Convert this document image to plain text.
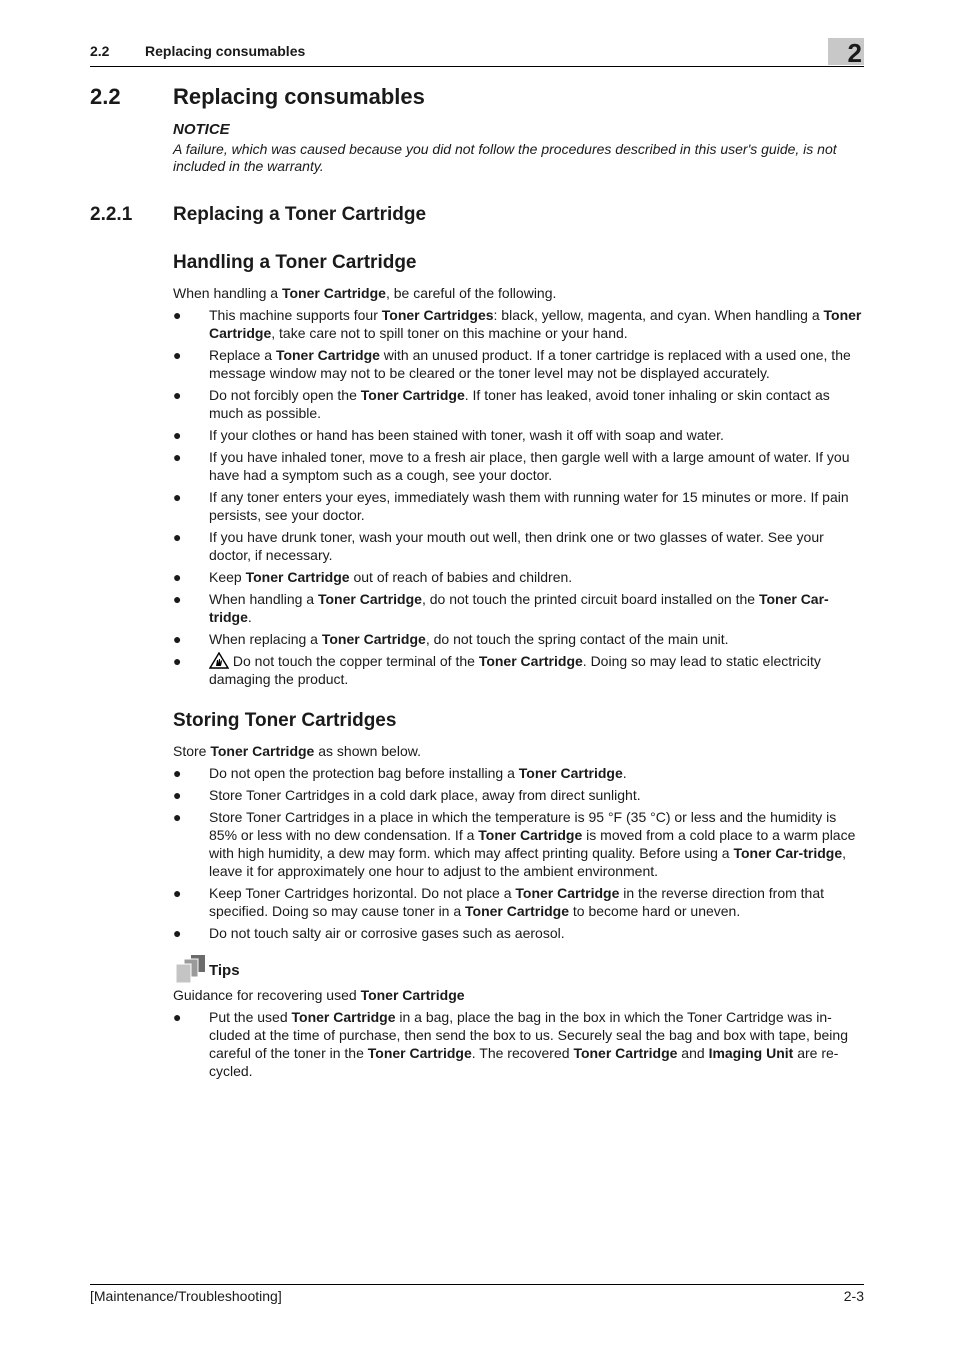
2.2	Replacing consumables	2
2.2 Replacing consumables
NOTICE
A failure, which was caused because you did not follow the procedures described in this user's guide, is not included in the warranty.
2.2.1 Replacing a Toner Cartridge
Handling a Toner Cartridge
When handling a Toner Cartridge, be careful of the following.
● This machine supports four Toner Cartridges: black, yellow, magenta, and cyan. When handling a Toner Cartridge, take care not to spill toner on this machine or your hand.
● Replace a Toner Cartridge with an unused product. If a toner cartridge is replaced with a used one, the message window may not to be cleared or the toner level may not be displayed accurately.
● Do not forcibly open the Toner Cartridge. If toner has leaked, avoid toner inhaling or skin contact as much as possible.
● If your clothes or hand has been stained with toner, wash it off with soap and water.
● If you have inhaled toner, move to a fresh air place, then gargle well with a large amount of water. If you have had a symptom such as a cough, see your doctor.
● If any toner enters your eyes, immediately wash them with running water for 15 minutes or more. If pain persists, see your doctor.
● If you have drunk toner, wash your mouth out well, then drink one or two glasses of water. See your doctor, if necessary.
● Keep Toner Cartridge out of reach of babies and children.
● When handling a Toner Cartridge, do not touch the printed circuit board installed on the Toner Car-tridge.
● When replacing a Toner Cartridge, do not touch the spring contact of the main unit.
●	Do not touch the copper terminal of the Toner Cartridge. Doing so may lead to static electricity damaging the product.
Storing Toner Cartridges
Store Toner Cartridge as shown below.
● Do not open the protection bag before installing a Toner Cartridge.
● Store Toner Cartridges in a cold dark place, away from direct sunlight.
● Store Toner Cartridges in a place in which the temperature is 95 °F (35 °C) or less and the humidity is 85% or less with no dew condensation. If a Toner Cartridge is moved from a cold place to a warm place with high humidity, a dew may form. which may affect printing quality. Before using a Toner Car-tridge, leave it for approximately one hour to adjust to the ambient environment.
● Keep Toner Cartridges horizontal. Do not place a Toner Cartridge in the reverse direction from that specified. Doing so may cause toner in a Toner Cartridge to become hard or uneven.
● Do not touch salty air or corrosive gases such as aerosol.
Tips
Guidance for recovering used Toner Cartridge
● Put the used Toner Cartridge in a bag, place the bag in the box in which the Toner Cartridge was in-cluded at the time of purchase, then send the box to us. Securely seal the bag and box with tape, being careful of the toner in the Toner Cartridge. The recovered Toner Cartridge and Imaging Unit are re-cycled.
[Maintenance/Troubleshooting]	2-3
